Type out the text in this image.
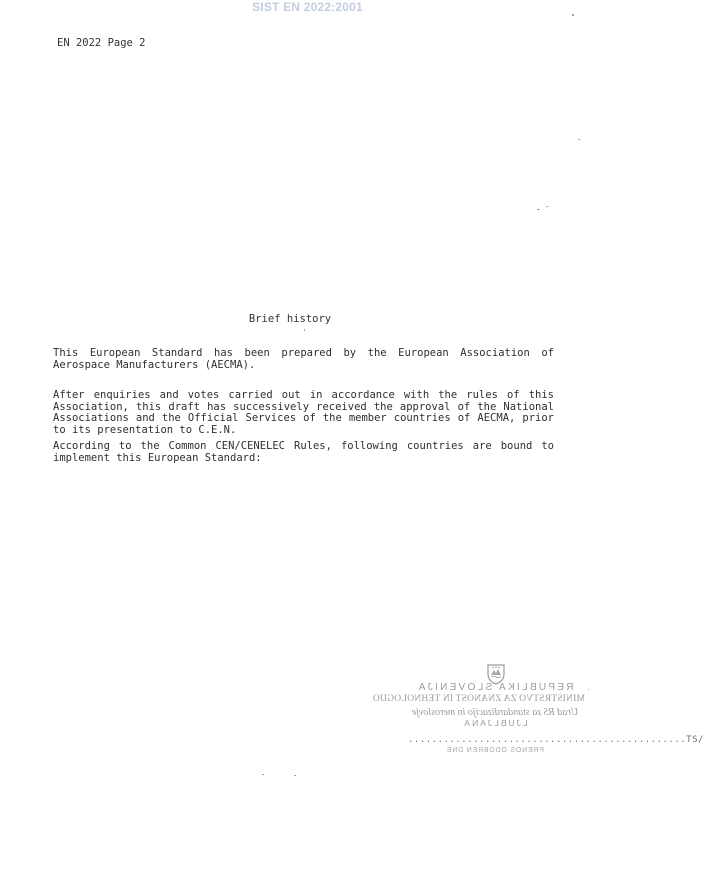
SIST EN 2022:2001
EN 2022 Page 2
Brief history
This European Standard has been prepared by the European Association of Aerospace Manufacturers (AECMA).
After enquiries and votes carried out in accordance with the rules of this Association, this draft has successively received the approval of the National Associations and the Official Services of the member countries of AECMA, prior to its presentation to C.E.N.
According to the Common CEN/CENELEC Rules, following countries are bound to implement this European Standard:
REPUBLIKA SLOVENIJA
MINISTRSTVO ZA ZNANOST IN TEHNOLOGIJO
Urad RS za standardizacijo in meroslovje
LJUBLJANA
...............................................TS/
PRENOS ODOBREN DNE
